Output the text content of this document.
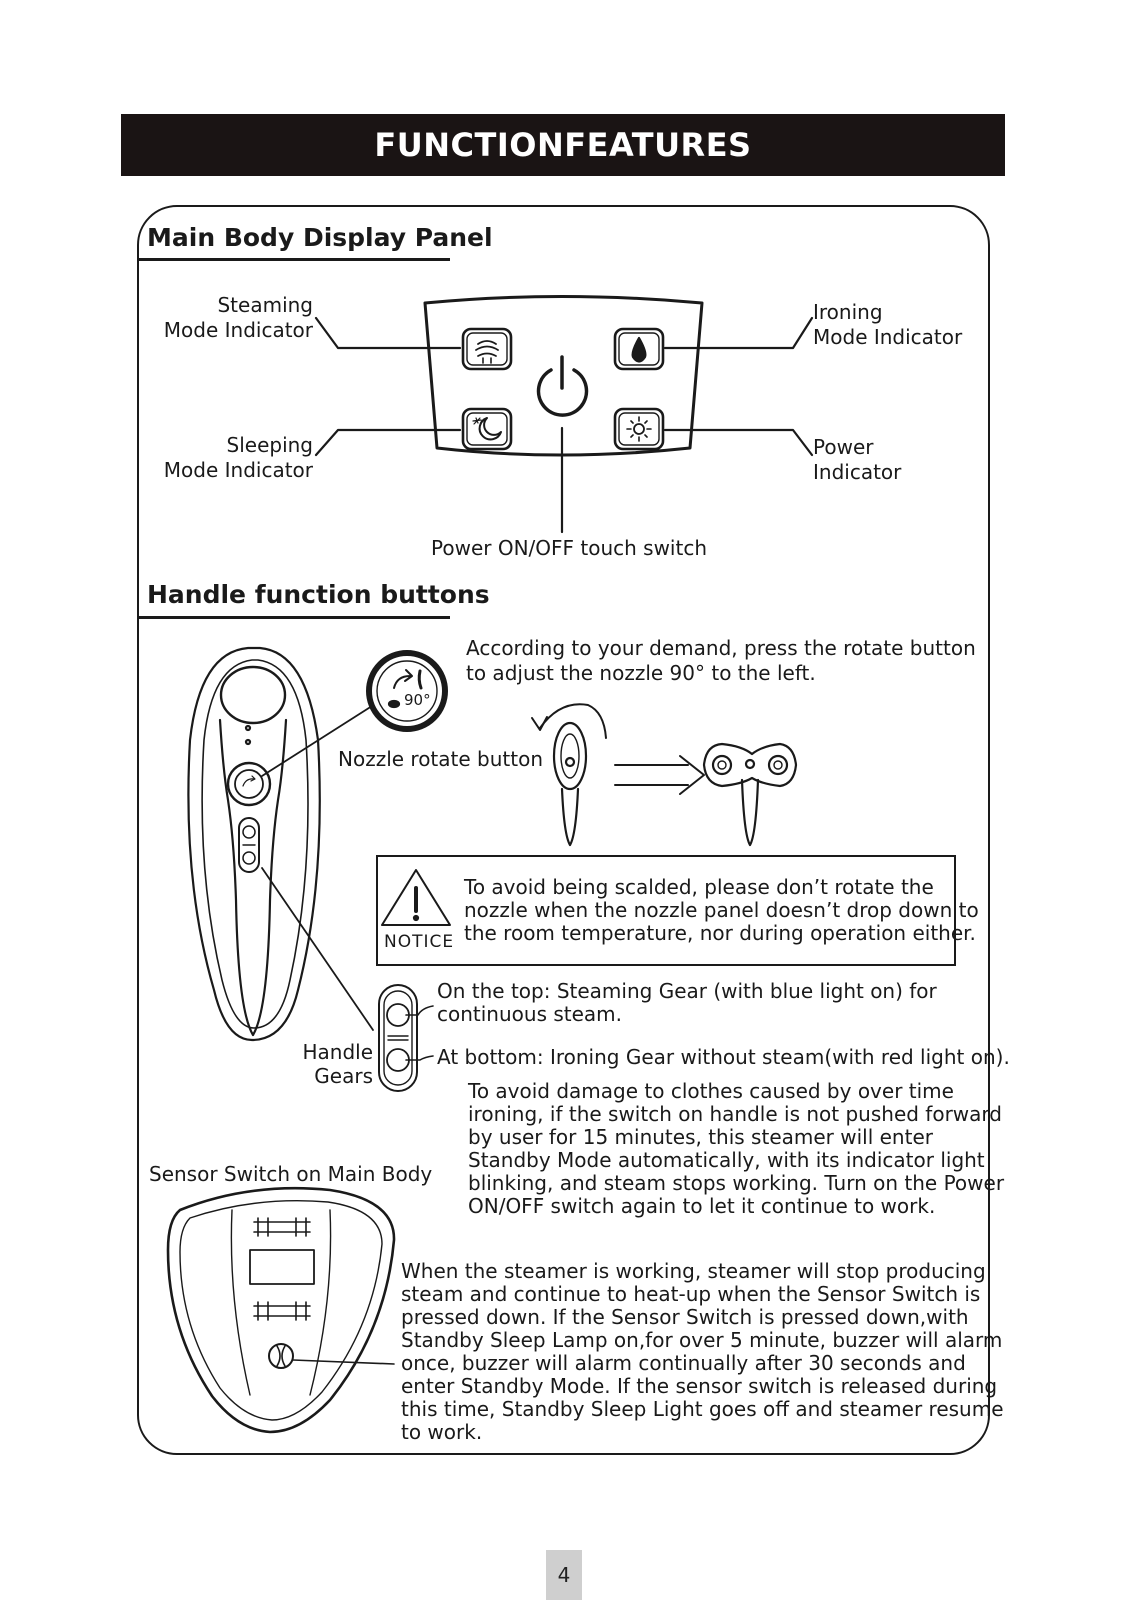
FUNCTIONFEATURES
Main Body Display Panel
Steaming
Mode Indicator
Sleeping
Mode Indicator
Ironing
Mode Indicator
Power
Indicator
Power ON/OFF touch switch
Handle function buttons
According to your demand, press the rotate button
to adjust the nozzle 90° to the left.
Nozzle rotate button
NOTICE
To avoid being scalded, please don’t rotate the
nozzle when the nozzle panel doesn’t drop down to
the room temperature, nor during operation either.
On the top: Steaming Gear (with blue light on) for
continuous steam.
Handle
Gears
At bottom: Ironing Gear without steam(with red light on).
To avoid damage to clothes caused by over time
ironing, if the switch on handle is not pushed forward
by user for 15 minutes, this steamer will enter
Standby Mode automatically, with its indicator light
blinking, and steam stops working. Turn on the Power
ON/OFF switch again to let it continue to work.
Sensor Switch on Main Body
When the steamer is working, steamer will stop producing
steam and continue to heat-up when the Sensor Switch is
pressed down. If the Sensor Switch is pressed down,with
Standby Sleep Lamp on,for over 5 minute, buzzer will alarm
once, buzzer will alarm continually after 30 seconds and
enter Standby Mode. If the sensor switch is released during
this time, Standby Sleep Light goes off and steamer resume
to work.
4
90°
